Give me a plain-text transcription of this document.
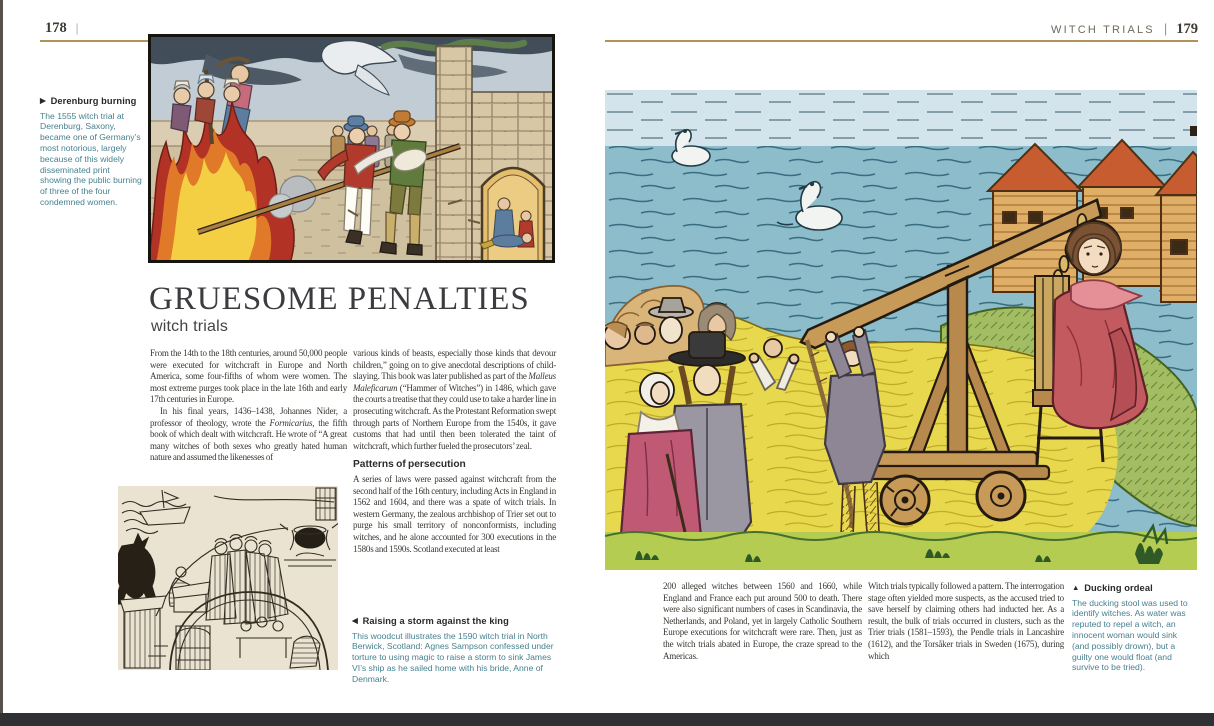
178 |	WITCH TRIALS | 179
▶ Derenburg burning
The 1555 witch trial at Derenburg, Saxony, became one of Germany’s most notorious, largely because of this widely disseminated print showing the public burning of three of the four condemned women.
GRUESOME PENALTIES
witch trials

From the 14th to the 18th centuries, around 50,000 people were executed for witchcraft in Europe and North America, some four-fifths of whom were women. The most extreme purges took place in the late 16th and early 17th centuries in Europe.

In his final years, 1436–1438, Johannes Nider, a professor of theology, wrote the Formicarius, the fifth book of which dealt with witchcraft. He wrote of “A great many witches of both sexes who greatly hated human nature and assumed the likenesses of

various kinds of beasts, especially those kinds that devour children,” going on to give anecdotal descriptions of child-slaying. This book was later published as part of the Malleus Maleficarum (“Hammer of Witches”) in 1486, which gave the courts a treatise that they could use to take a harder line in prosecuting witchcraft. As the Protestant Reformation swept through parts of Northern Europe from the 1540s, it gave customs that had until then been tolerated the taint of witchcraft, which further fueled the prosecutors’ zeal.

Patterns of persecution

A series of laws were passed against witchcraft from the second half of the 16th century, including Acts in England in 1562 and 1604, and there was a spate of witch trials. In western Germany, the zealous archbishop of Trier set out to purge his small territory of nonconformists, including witches, and he alone accounted for 300 executions in the 1580s and 1590s. Scotland executed at least

◀ Raising a storm against the king
This woodcut illustrates the 1590 witch trial in North Berwick, Scotland: Agnes Sampson confessed under torture to using magic to raise a storm to sink James VI’s ship as he sailed home with his bride, Anne of Denmark.

200 alleged witches between 1560 and 1660, while England and France each put around 500 to death. There were also significant numbers of cases in Scandinavia, the Netherlands, and Poland, yet in largely Catholic Southern Europe executions for witchcraft were rare. Then, just as the witch trials abated in Europe, the craze spread to the Americas.

Witch trials typically followed a pattern. The interrogation stage often yielded more suspects, as the accused tried to save herself by claiming others had inducted her. As a result, the bulk of trials occurred in clusters, such as the Trier trials (1581–1593), the Pendle trials in Lancashire (1612), and the Torsåker trials in Sweden (1675), during which

▲ Ducking ordeal
The ducking stool was used to identify witches. As water was reputed to repel a witch, an innocent woman would sink (and possibly drown), but a guilty one would float (and survive to be tried).
